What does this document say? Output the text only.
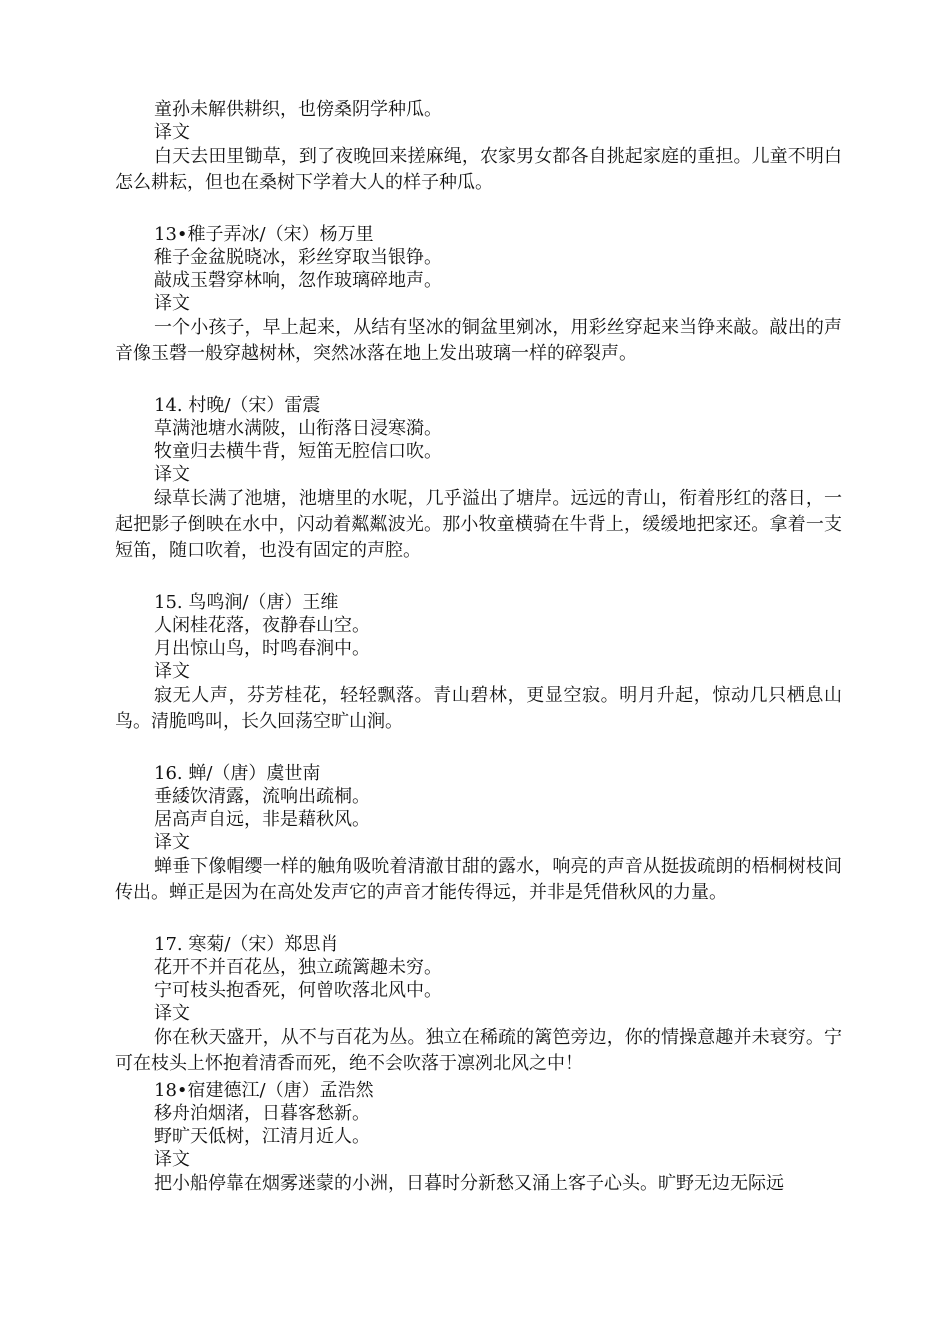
童孙未解供耕织，也傍桑阴学种瓜。

译文

白天去田里锄草，到了夜晚回来搓麻绳，农家男女都各自挑起家庭的重担。儿童不明白怎么耕耘，但也在桑树下学着大人的样子种瓜。

13•稚子弄冰/（宋）杨万里

稚子金盆脱晓冰，彩丝穿取当银铮。

敲成玉磬穿林响，忽作玻璃碎地声。

译文

一个小孩子，早上起来，从结有坚冰的铜盆里剜冰，用彩丝穿起来当铮来敲。敲出的声音像玉磬一般穿越树林，突然冰落在地上发出玻璃一样的碎裂声。

14. 村晚/（宋）雷震

草满池塘水满陂，山衔落日浸寒漪。

牧童归去横牛背，短笛无腔信口吹。

译文

绿草长满了池塘，池塘里的水呢，几乎溢出了塘岸。远远的青山，衔着彤红的落日，一起把影子倒映在水中，闪动着粼粼波光。那小牧童横骑在牛背上，缓缓地把家还。拿着一支短笛，随口吹着，也没有固定的声腔。

15. 鸟鸣涧/（唐）王维

人闲桂花落，夜静春山空。

月出惊山鸟，时鸣春涧中。

译文

寂无人声，芬芳桂花，轻轻飘落。青山碧林，更显空寂。明月升起，惊动几只栖息山鸟。清脆鸣叫，长久回荡空旷山涧。

16. 蝉/（唐）虞世南

垂緌饮清露，流响出疏桐。

居高声自远，非是藉秋风。

译文

蝉垂下像帽缨一样的触角吸吮着清澈甘甜的露水，响亮的声音从挺拔疏朗的梧桐树枝间传出。蝉正是因为在高处发声它的声音才能传得远，并非是凭借秋风的力量。

17. 寒菊/（宋）郑思肖

花开不并百花丛，独立疏篱趣未穷。

宁可枝头抱香死，何曾吹落北风中。

译文

你在秋天盛开，从不与百花为丛。独立在稀疏的篱笆旁边，你的情操意趣并未衰穷。宁可在枝头上怀抱着清香而死，绝不会吹落于凛冽北风之中！

18•宿建德江/（唐）孟浩然

移舟泊烟渚，日暮客愁新。

野旷天低树，江清月近人。

译文

把小船停靠在烟雾迷蒙的小洲，日暮时分新愁又涌上客子心头。旷野无边无际远
